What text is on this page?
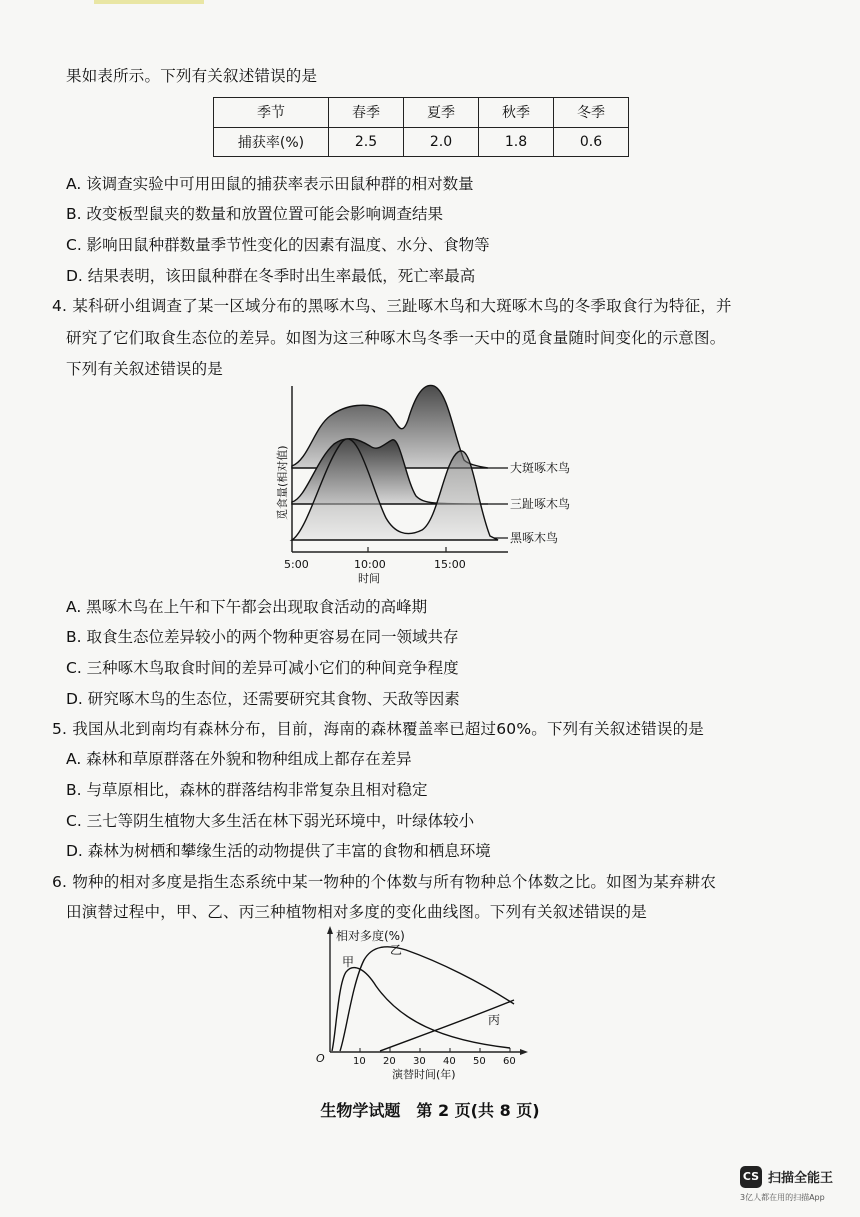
果如表所示。下列有关叙述错误的是
季节	春季	夏季	秋季	冬季
捕获率(%)	2.5	2.0	1.8	0.6
A. 该调查实验中可用田鼠的捕获率表示田鼠种群的相对数量
B. 改变板型鼠夹的数量和放置位置可能会影响调查结果
C. 影响田鼠种群数量季节性变化的因素有温度、水分、食物等
D. 结果表明，该田鼠种群在冬季时出生率最低，死亡率最高
4. 某科研小组调查了某一区域分布的黑啄木鸟、三趾啄木鸟和大斑啄木鸟的冬季取食行为特征，并
研究了它们取食生态位的差异。如图为这三种啄木鸟冬季一天中的觅食量随时间变化的示意图。
下列有关叙述错误的是
大斑啄木鸟
三趾啄木鸟
黑啄木鸟
觅食量(相对值)
5:00	10:00	15:00
时间
A. 黑啄木鸟在上午和下午都会出现取食活动的高峰期
B. 取食生态位差异较小的两个物种更容易在同一领域共存
C. 三种啄木鸟取食时间的差异可减小它们的种间竞争程度
D. 研究啄木鸟的生态位，还需要研究其食物、天敌等因素
5. 我国从北到南均有森林分布，目前，海南的森林覆盖率已超过60%。下列有关叙述错误的是
A. 森林和草原群落在外貌和物种组成上都存在差异
B. 与草原相比，森林的群落结构非常复杂且相对稳定
C. 三七等阴生植物大多生活在林下弱光环境中，叶绿体较小
D. 森林为树栖和攀缘生活的动物提供了丰富的食物和栖息环境
6. 物种的相对多度是指生态系统中某一物种的个体数与所有物种总个体数之比。如图为某弃耕农
田演替过程中，甲、乙、丙三种植物相对多度的变化曲线图。下列有关叙述错误的是
相对多度(%)
甲
乙
丙
O	10 20 30 40 50 60
演替时间(年)
生物学试题　第 2 页(共 8 页)
CS 扫描全能王
3亿人都在用的扫描App
